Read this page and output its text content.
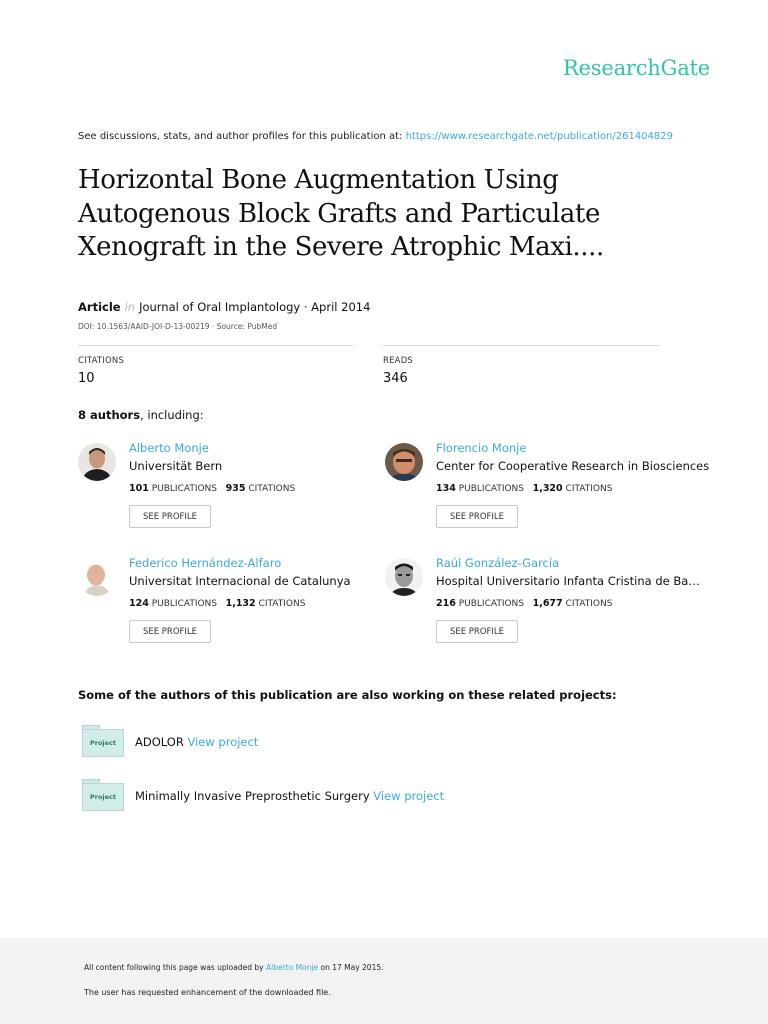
ResearchGate
See discussions, stats, and author profiles for this publication at: https://www.researchgate.net/publication/261404829
Horizontal Bone Augmentation Using Autogenous Block Grafts and Particulate Xenograft in the Severe Atrophic Maxi....
Article in Journal of Oral Implantology · April 2014
DOI: 10.1563/AAID-JOI-D-13-00219 · Source: PubMed
CITATIONS
10
READS
346
8 authors, including:
Alberto Monje
Universität Bern
101 PUBLICATIONS 935 CITATIONS
SEE PROFILE
Florencio Monje
Center for Cooperative Research in Biosciences
134 PUBLICATIONS 1,320 CITATIONS
SEE PROFILE
Federico Hernández-Alfaro
Universitat Internacional de Catalunya
124 PUBLICATIONS 1,132 CITATIONS
SEE PROFILE
Raúl González-García
Hospital Universitario Infanta Cristina de Ba…
216 PUBLICATIONS 1,677 CITATIONS
SEE PROFILE
Some of the authors of this publication are also working on these related projects:
Project	ADOLOR View project
Project	Minimally Invasive Preprosthetic Surgery View project
All content following this page was uploaded by Alberto Monje on 17 May 2015.
The user has requested enhancement of the downloaded file.
